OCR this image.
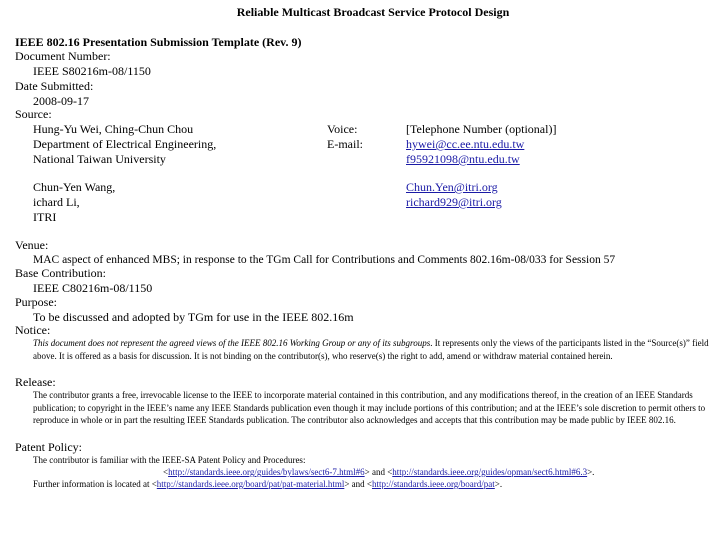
Reliable Multicast Broadcast Service Protocol Design
IEEE 802.16 Presentation Submission Template (Rev. 9)
Document Number:
IEEE S80216m-08/1150
Date Submitted:
2008-09-17
Source:
Hung-Yu Wei, Ching-Chun Chou
Department of Electrical Engineering,
National Taiwan University
Voice:
E-mail:
[Telephone Number (optional)]
hywei@cc.ee.ntu.edu.tw
f95921098@ntu.edu.tw
Chun-Yen Wang,
ichard Li,
ITRI
Chun.Yen@itri.org
richard929@itri.org
Venue:
MAC aspect of enhanced MBS; in response to the TGm Call for Contributions and Comments 802.16m-08/033 for Session 57
Base Contribution:
IEEE C80216m-08/1150
Purpose:
To be discussed and adopted by TGm for use in the IEEE 802.16m
Notice:
This document does not represent the agreed views of the IEEE 802.16 Working Group or any of its subgroups. It represents only the views of the participants listed in the “Source(s)” field above. It is offered as a basis for discussion. It is not binding on the contributor(s), who reserve(s) the right to add, amend or withdraw material contained herein.
Release:
The contributor grants a free, irrevocable license to the IEEE to incorporate material contained in this contribution, and any modifications thereof, in the creation of an IEEE Standards publication; to copyright in the IEEE’s name any IEEE Standards publication even though it may include portions of this contribution; and at the IEEE’s sole discretion to permit others to reproduce in whole or in part the resulting IEEE Standards publication. The contributor also acknowledges and accepts that this contribution may be made public by IEEE 802.16.
Patent Policy:
The contributor is familiar with the IEEE-SA Patent Policy and Procedures:
<http://standards.ieee.org/guides/bylaws/sect6-7.html#6> and <http://standards.ieee.org/guides/opman/sect6.html#6.3>.
Further information is located at <http://standards.ieee.org/board/pat/pat-material.html> and <http://standards.ieee.org/board/pat>.
